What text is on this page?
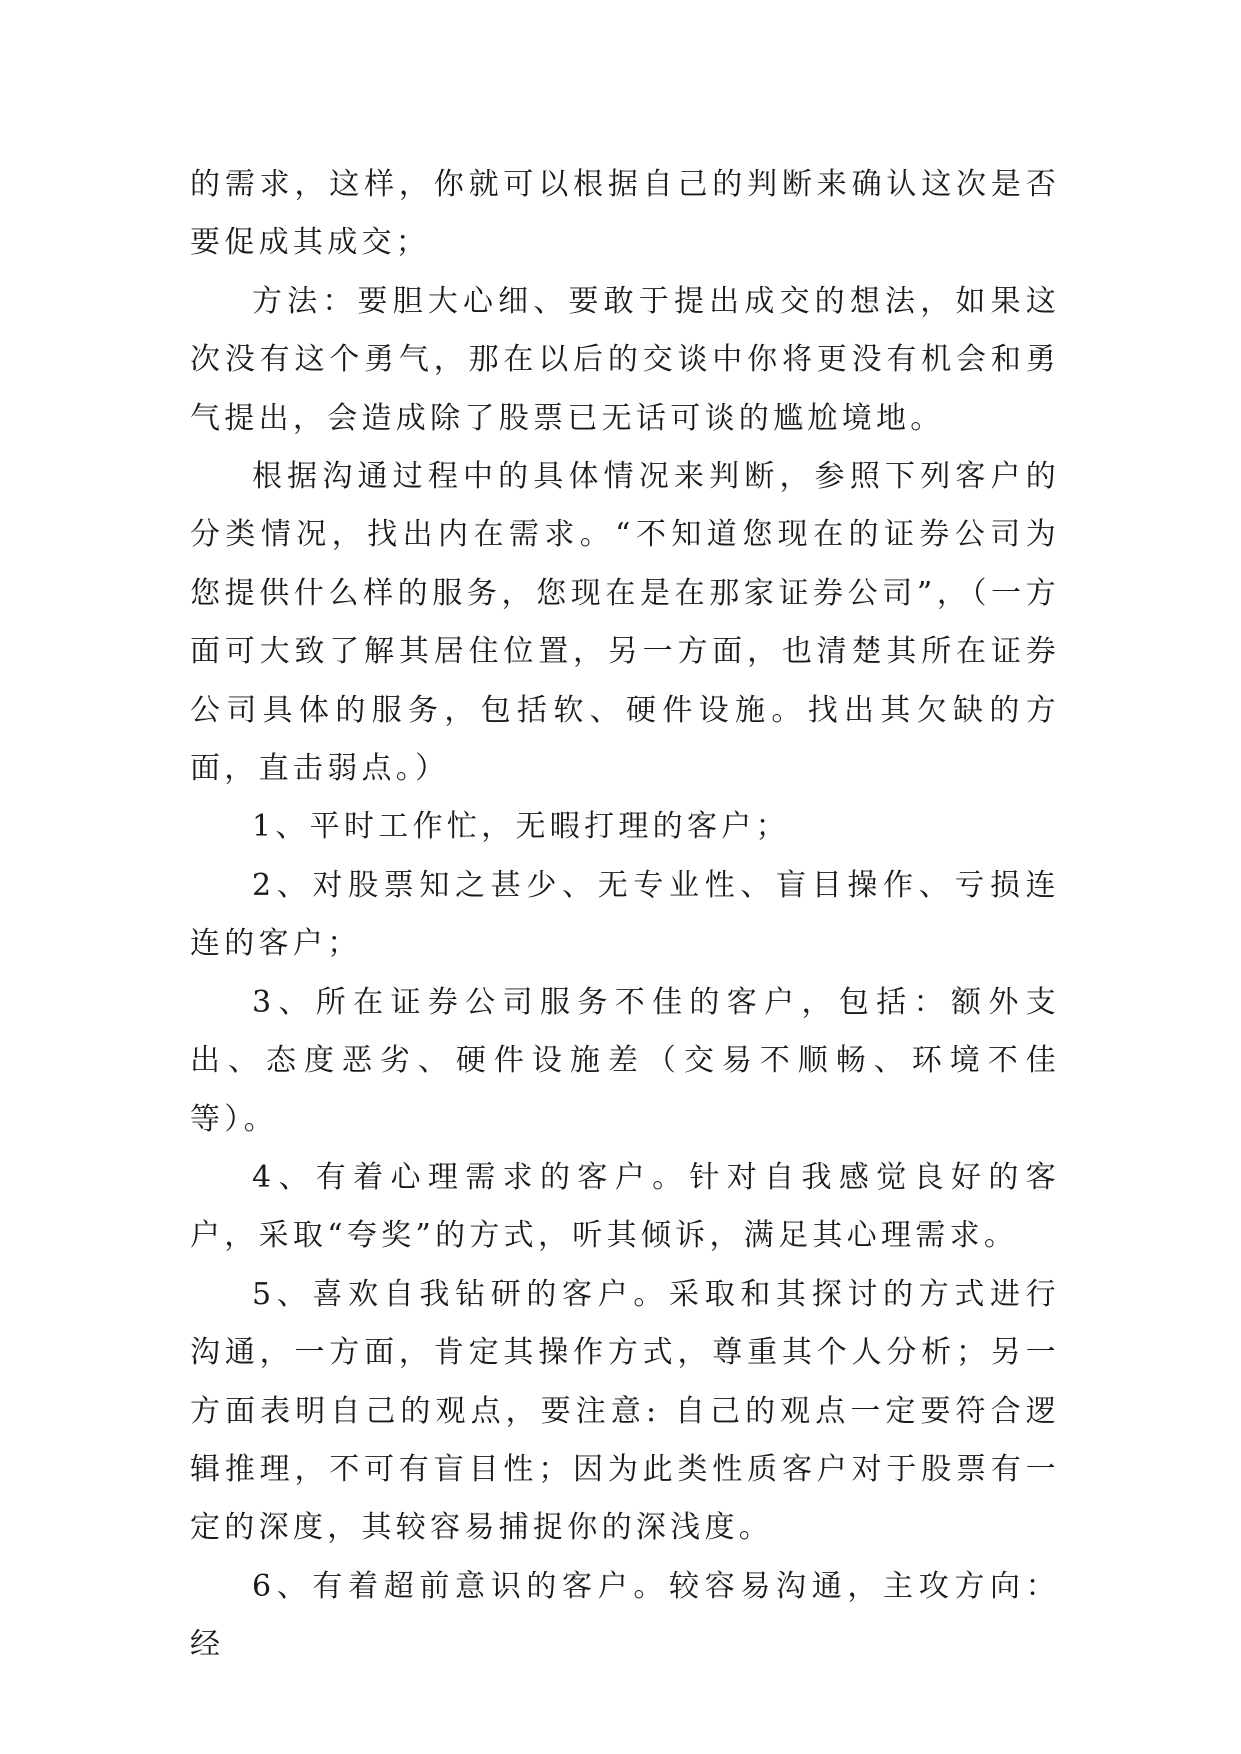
的需求，这样，你就可以根据自己的判断来确认这次是否要促成其成交；

方法：要胆大心细、要敢于提出成交的想法，如果这次没有这个勇气，那在以后的交谈中你将更没有机会和勇气提出，会造成除了股票已无话可谈的尴尬境地。

根据沟通过程中的具体情况来判断，参照下列客户的分类情况，找出内在需求。“不知道您现在的证券公司为您提供什么样的服务，您现在是在那家证券公司”，（一方面可大致了解其居住位置，另一方面，也清楚其所在证券公司具体的服务，包括软、硬件设施。找出其欠缺的方面，直击弱点。）

1、平时工作忙，无暇打理的客户；

2、对股票知之甚少、无专业性、盲目操作、亏损连连的客户；

3、所在证券公司服务不佳的客户，包括：额外支出、态度恶劣、硬件设施差（交易不顺畅、环境不佳等）。

4、有着心理需求的客户。针对自我感觉良好的客户，采取“夸奖”的方式，听其倾诉，满足其心理需求。

5、喜欢自我钻研的客户。采取和其探讨的方式进行沟通，一方面，肯定其操作方式，尊重其个人分析；另一方面表明自己的观点，要注意: 自己的观点一定要符合逻辑推理，不可有盲目性；因为此类性质客户对于股票有一定的深度，其较容易捕捉你的深浅度。

6、有着超前意识的客户。较容易沟通，主攻方向：经
